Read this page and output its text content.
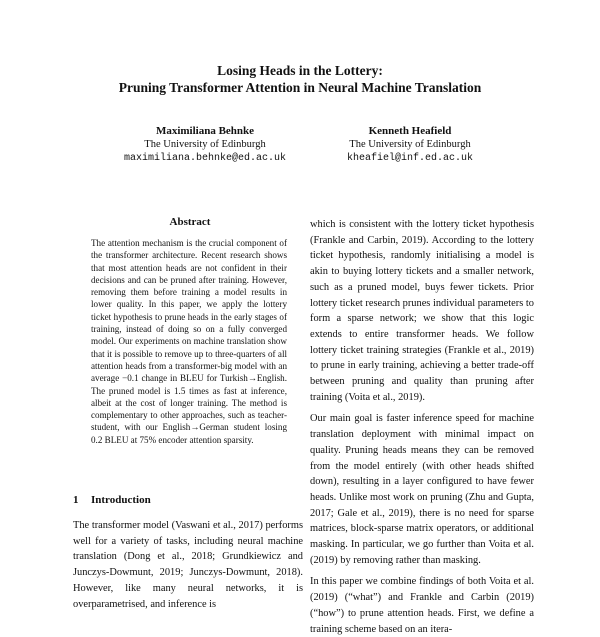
Losing Heads in the Lottery:
Pruning Transformer Attention in Neural Machine Translation
Maximiliana Behnke
The University of Edinburgh
maximiliana.behnke@ed.ac.uk
Kenneth Heafield
The University of Edinburgh
kheafiel@inf.ed.ac.uk
Abstract

The attention mechanism is the crucial component of the transformer architecture. Recent research shows that most attention heads are not confident in their decisions and can be pruned after training. However, removing them before training a model results in lower quality. In this paper, we apply the lottery ticket hypothesis to prune heads in the early stages of training, instead of doing so on a fully converged model. Our experiments on machine translation show that it is possible to remove up to three-quarters of all attention heads from a transformer-big model with an average −0.1 change in BLEU for Turkish→English. The pruned model is 1.5 times as fast at inference, albeit at the cost of longer training. The method is complementary to other approaches, such as teacher-student, with our English→German student losing 0.2 BLEU at 75% encoder attention sparsity.

1 Introduction

The transformer model (Vaswani et al., 2017) performs well for a variety of tasks, including neural machine translation (Dong et al., 2018; Grundkiewicz and Junczys-Dowmunt, 2019; Junczys-Dowmunt, 2018). However, like many neural networks, it is overparametrised, and inference is

which is consistent with the lottery ticket hypothesis (Frankle and Carbin, 2019). According to the lottery ticket hypothesis, randomly initialising a model is akin to buying lottery tickets and a smaller network, such as a pruned model, buys fewer tickets. Prior lottery ticket research prunes individual parameters to form a sparse network; we show that this logic extends to entire transformer heads. We follow lottery ticket training strategies (Frankle et al., 2019) to prune in early training, achieving a better trade-off between pruning and quality than pruning after training (Voita et al., 2019).

Our main goal is faster inference speed for machine translation deployment with minimal impact on quality. Pruning heads means they can be removed from the model entirely (with other heads shifted down), resulting in a layer configured to have fewer heads. Unlike most work on pruning (Zhu and Gupta, 2017; Gale et al., 2019), there is no need for sparse matrices, block-sparse matrix operators, or additional masking. In particular, we go further than Voita et al. (2019) by removing rather than masking.

In this paper we combine findings of both Voita et al. (2019) (“what”) and Frankle and Carbin (2019) (“how”) to prune attention heads. First, we define a training scheme based on an itera-
